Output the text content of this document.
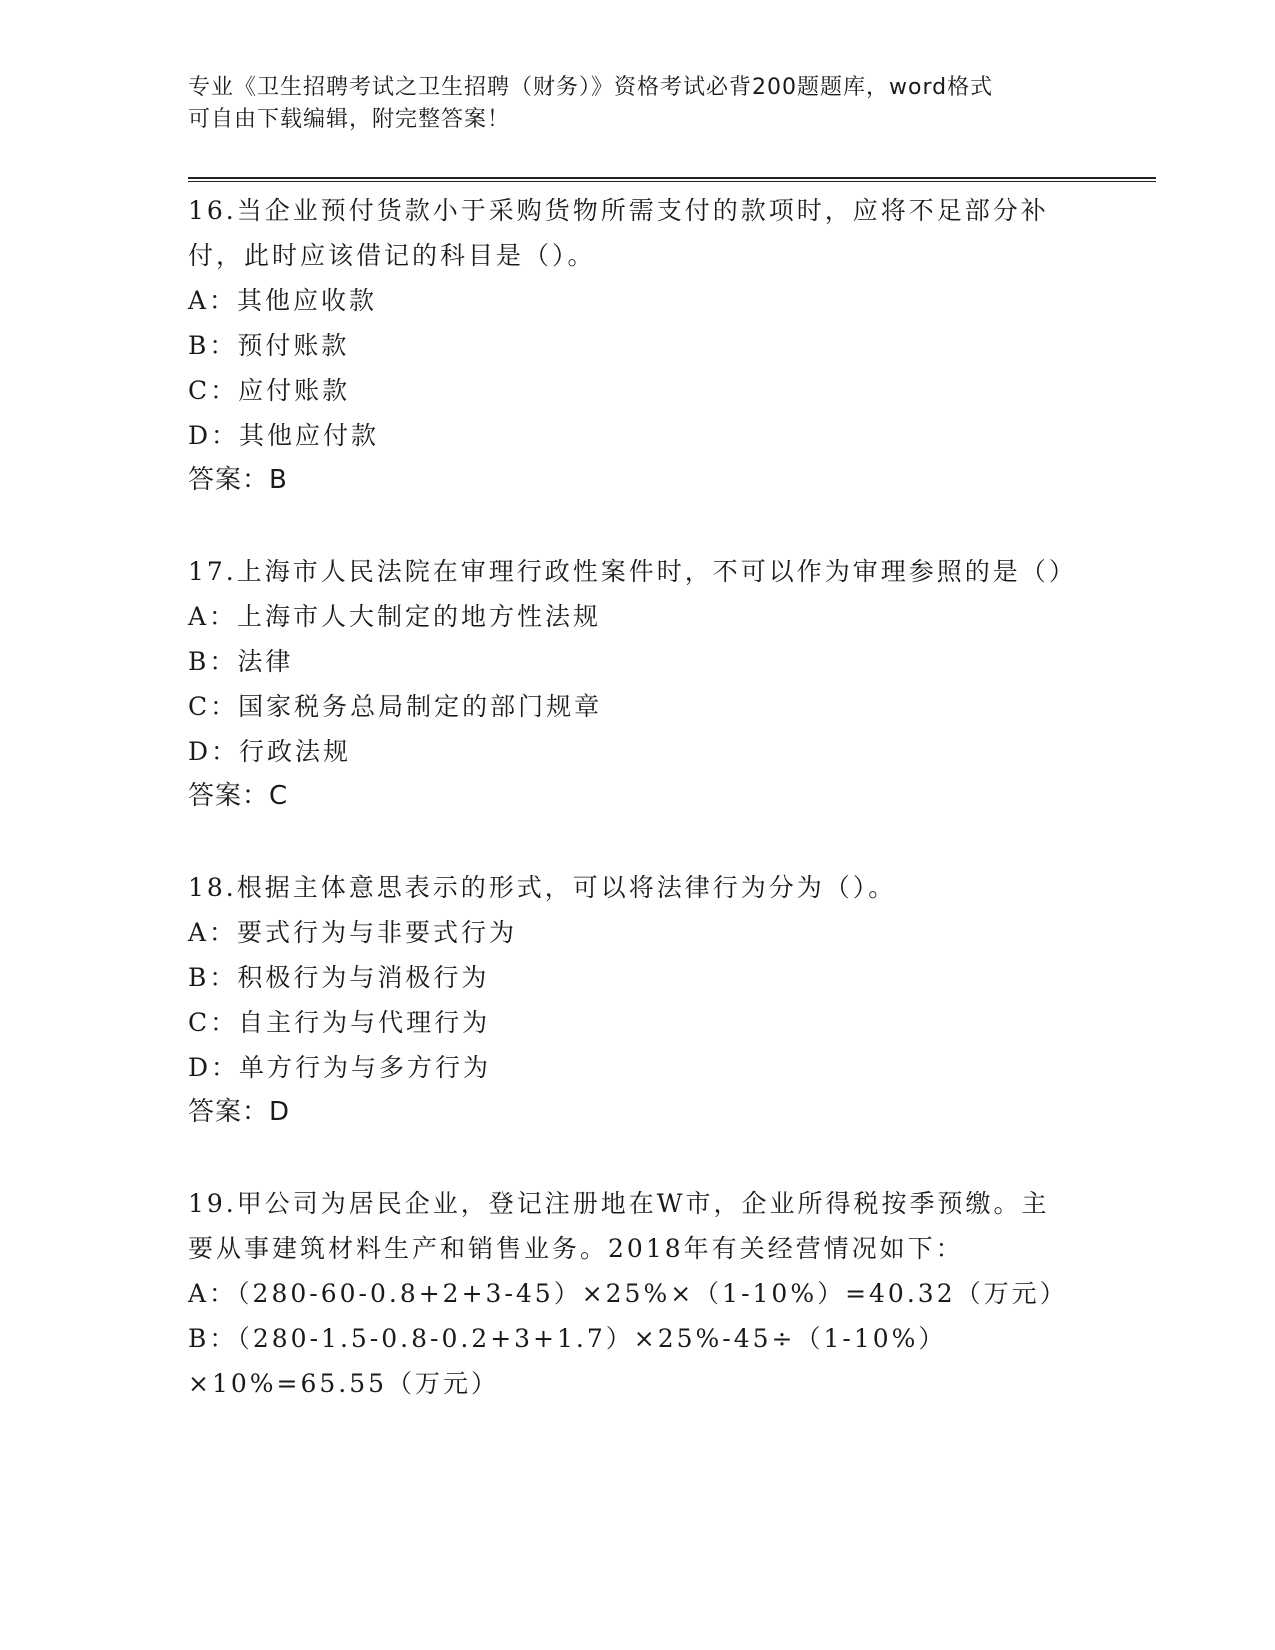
专业《卫生招聘考试之卫生招聘（财务）》资格考试必背200题题库，word格式
可自由下载编辑，附完整答案！

16.当企业预付货款小于采购货物所需支付的款项时，应将不足部分补付，此时应该借记的科目是（）。

A：其他应收款

B：预付账款

C：应付账款

D：其他应付款

答案：B

17.上海市人民法院在审理行政性案件时，不可以作为审理参照的是（）

A：上海市人大制定的地方性法规

B：法律

C：国家税务总局制定的部门规章

D：行政法规

答案：C

18.根据主体意思表示的形式，可以将法律行为分为（）。

A：要式行为与非要式行为

B：积极行为与消极行为

C：自主行为与代理行为

D：单方行为与多方行为

答案：D

19.甲公司为居民企业，登记注册地在W市，企业所得税按季预缴。主要从事建筑材料生产和销售业务。2018年有关经营情况如下：

A：（280-60-0.8+2+3-45）×25%×（1-10%）=40.32（万元）

B：（280-1.5-0.8-0.2+3+1.7）×25%-45÷（1-10%）×10%=65.55（万元）
